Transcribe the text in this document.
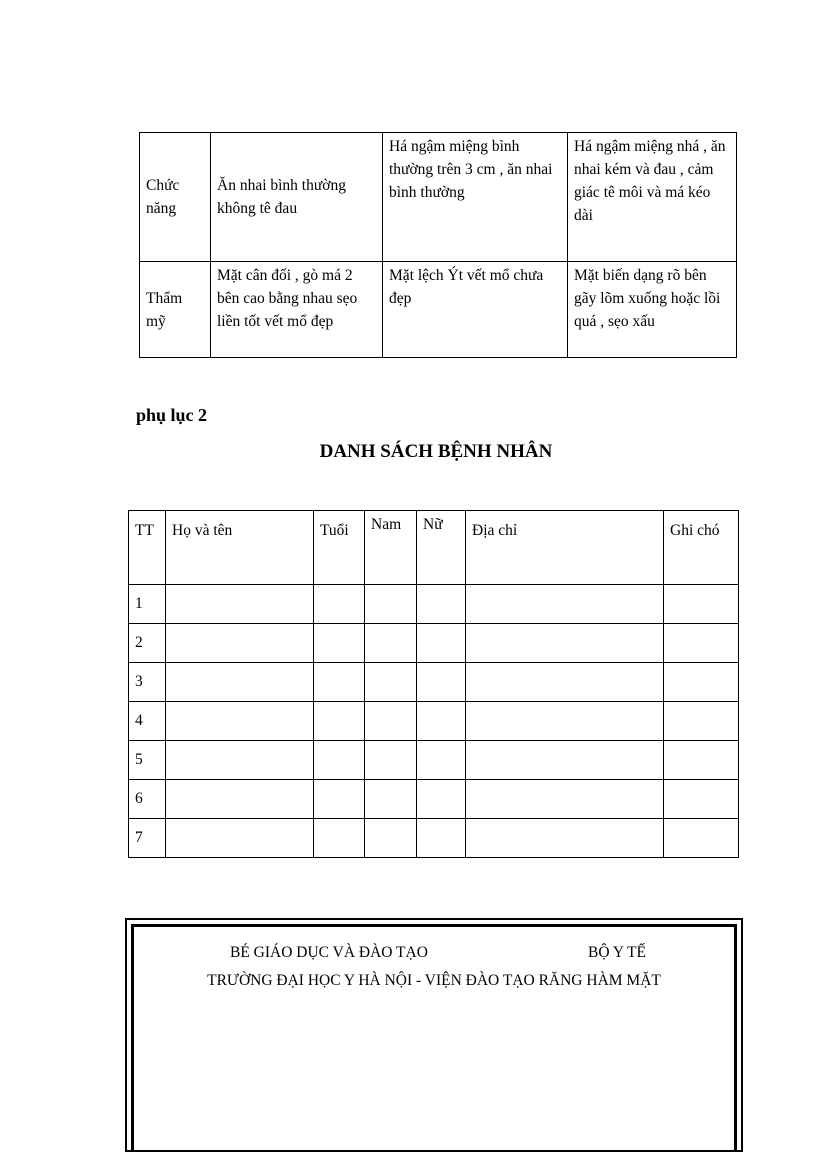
Chức năng	Ăn nhai bình thường không tê đau	Há ngậm miệng bình thường trên 3 cm , ăn nhai bình thường	Há ngậm miệng nhá , ăn nhai kém và đau , cảm giác tê môi và má kéo dài
Thẩm mỹ	Mặt cân đối , gò má 2 bên cao bằng nhau sẹo liền tốt vết mổ đẹp	Mặt lệch Ýt vết mổ chưa đẹp	Mặt biến dạng rõ bên gãy lõm xuống hoặc lồi quá , sẹo xấu
phụ lục 2
DANH SÁCH BỆNH NHÂN
TT	Họ và tên	Tuổi	Nam	Nữ	Địa chỉ	Ghi chó
1						
2						
3						
4						
5						
6						
7						
BÉ GIÁO DỤC VÀ ĐÀO TẠO	BỘ Y TẾ
TRƯỜNG ĐẠI HỌC Y HÀ NỘI - VIỆN ĐÀO TẠO RĂNG HÀM MẶT
